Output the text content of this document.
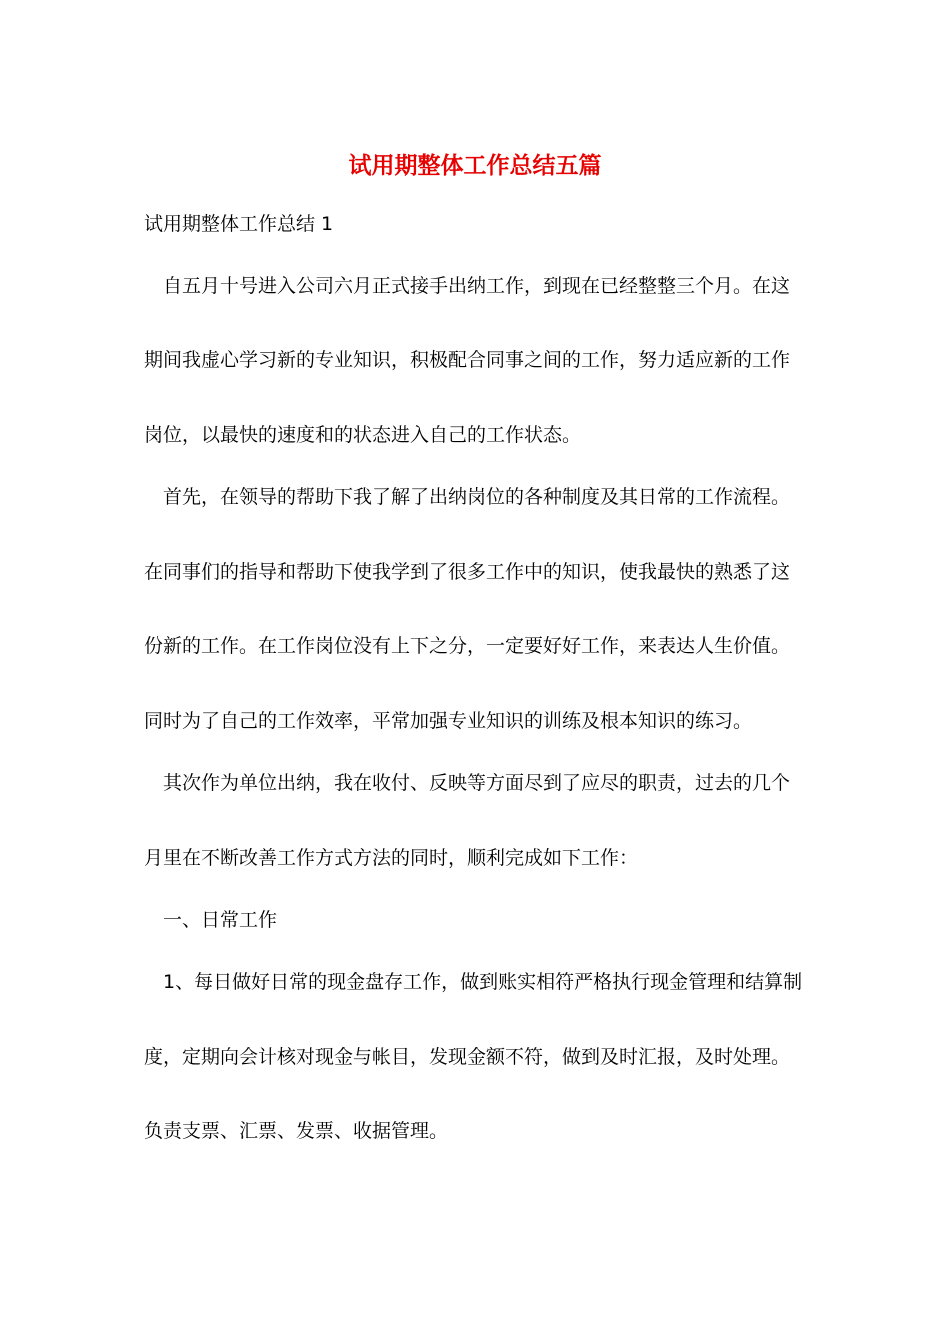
试用期整体工作总结五篇
试用期整体工作总结 1
自五月十号进入公司六月正式接手出纳工作，到现在已经整整三个月。在这
期间我虚心学习新的专业知识，积极配合同事之间的工作，努力适应新的工作
岗位，以最快的速度和的状态进入自己的工作状态。
首先，在领导的帮助下我了解了出纳岗位的各种制度及其日常的工作流程。
在同事们的指导和帮助下使我学到了很多工作中的知识，使我最快的熟悉了这
份新的工作。在工作岗位没有上下之分，一定要好好工作，来表达人生价值。
同时为了自己的工作效率，平常加强专业知识的训练及根本知识的练习。
其次作为单位出纳，我在收付、反映等方面尽到了应尽的职责，过去的几个
月里在不断改善工作方式方法的同时，顺利完成如下工作：
一、日常工作
1、每日做好日常的现金盘存工作，做到账实相符严格执行现金管理和结算制
度，定期向会计核对现金与帐目，发现金额不符，做到及时汇报，及时处理。
负责支票、汇票、发票、收据管理。
